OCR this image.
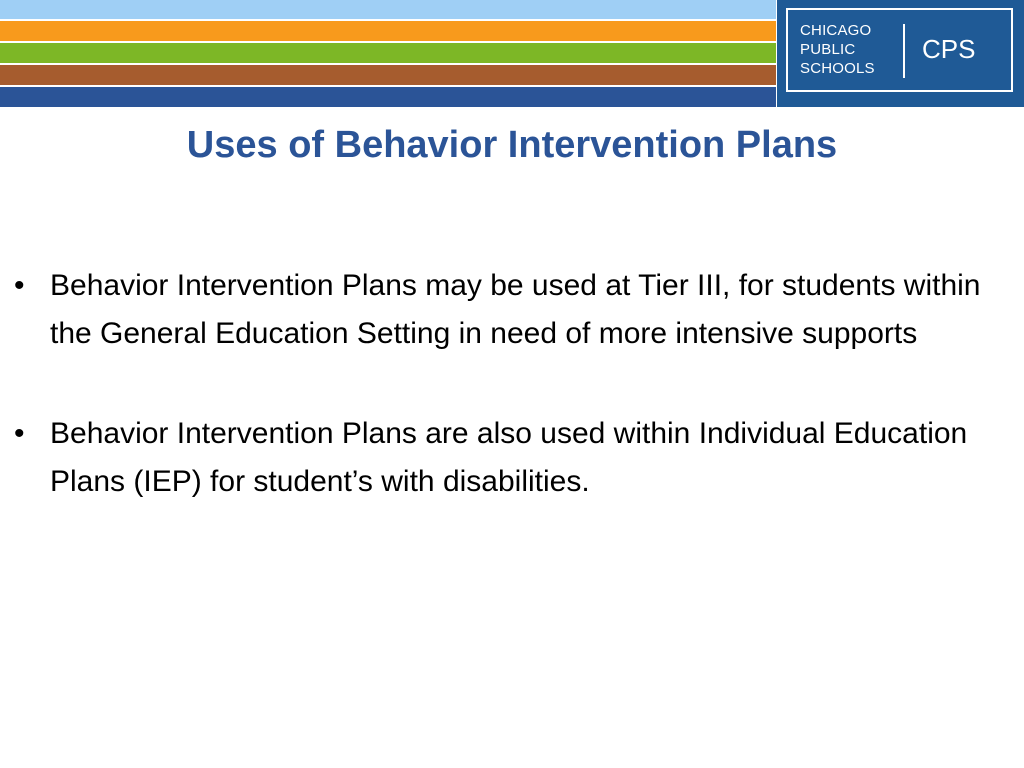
CHICAGO
PUBLIC
SCHOOLS
CPS
Uses of Behavior Intervention Plans
• Behavior Intervention Plans may be used at Tier III, for students within the General Education Setting in need of more intensive supports
• Behavior Intervention Plans are also used within Individual Education Plans (IEP) for student’s with disabilities.
